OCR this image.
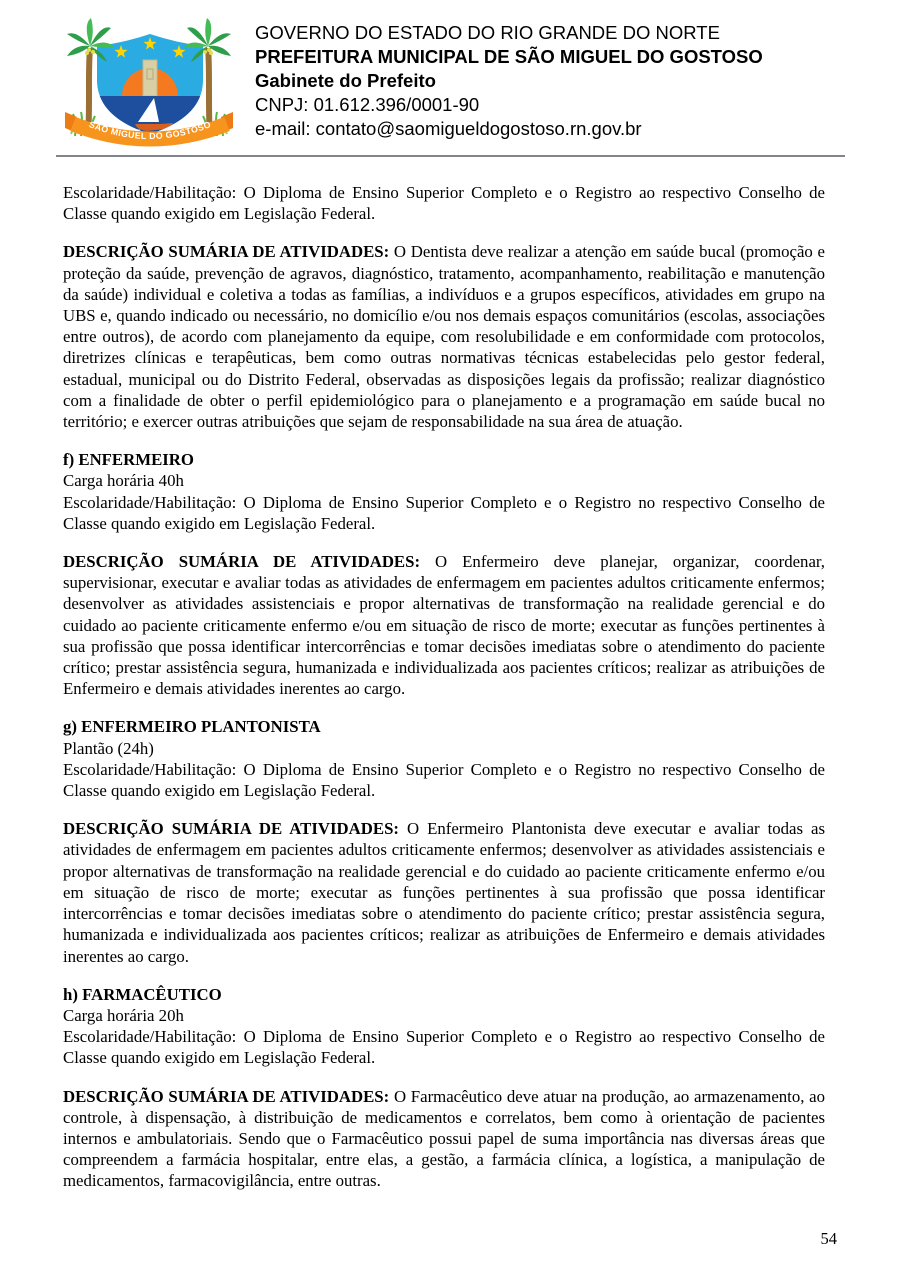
SÃO MIGUEL DO GOSTOSO
GOVERNO DO ESTADO DO RIO GRANDE DO NORTE
PREFEITURA MUNICIPAL DE SÃO MIGUEL DO GOSTOSO
Gabinete do Prefeito
CNPJ: 01.612.396/0001-90
e-mail: contato@saomigueldogostoso.rn.gov.br

Escolaridade/Habilitação: O Diploma de Ensino Superior Completo e o Registro ao respectivo Conselho de Classe quando exigido em Legislação Federal.

DESCRIÇÃO SUMÁRIA DE ATIVIDADES: O Dentista deve realizar a atenção em saúde bucal (promoção e proteção da saúde, prevenção de agravos, diagnóstico, tratamento, acompanhamento, reabilitação e manutenção da saúde) individual e coletiva a todas as famílias, a indivíduos e a grupos específicos, atividades em grupo na UBS e, quando indicado ou necessário, no domicílio e/ou nos demais espaços comunitários (escolas, associações entre outros), de acordo com planejamento da equipe, com resolubilidade e em conformidade com protocolos, diretrizes clínicas e terapêuticas, bem como outras normativas técnicas estabelecidas pelo gestor federal, estadual, municipal ou do Distrito Federal, observadas as disposições legais da profissão; realizar diagnóstico com a finalidade de obter o perfil epidemiológico para o planejamento e a programação em saúde bucal no território; e exercer outras atribuições que sejam de responsabilidade na sua área de atuação.

f) ENFERMEIRO
Carga horária 40h
Escolaridade/Habilitação: O Diploma de Ensino Superior Completo e o Registro no respectivo Conselho de Classe quando exigido em Legislação Federal.

DESCRIÇÃO SUMÁRIA DE ATIVIDADES: O Enfermeiro deve planejar, organizar, coordenar, supervisionar, executar e avaliar todas as atividades de enfermagem em pacientes adultos criticamente enfermos; desenvolver as atividades assistenciais e propor alternativas de transformação na realidade gerencial e do cuidado ao paciente criticamente enfermo e/ou em situação de risco de morte; executar as funções pertinentes à sua profissão que possa identificar intercorrências e tomar decisões imediatas sobre o atendimento do paciente crítico; prestar assistência segura, humanizada e individualizada aos pacientes críticos; realizar as atribuições de Enfermeiro e demais atividades inerentes ao cargo.

g) ENFERMEIRO PLANTONISTA
Plantão (24h)
Escolaridade/Habilitação: O Diploma de Ensino Superior Completo e o Registro no respectivo Conselho de Classe quando exigido em Legislação Federal.

DESCRIÇÃO SUMÁRIA DE ATIVIDADES: O Enfermeiro Plantonista deve executar e avaliar todas as atividades de enfermagem em pacientes adultos criticamente enfermos; desenvolver as atividades assistenciais e propor alternativas de transformação na realidade gerencial e do cuidado ao paciente criticamente enfermo e/ou em situação de risco de morte; executar as funções pertinentes à sua profissão que possa identificar intercorrências e tomar decisões imediatas sobre o atendimento do paciente crítico; prestar assistência segura, humanizada e individualizada aos pacientes críticos; realizar as atribuições de Enfermeiro e demais atividades inerentes ao cargo.

h) FARMACÊUTICO
Carga horária 20h
Escolaridade/Habilitação: O Diploma de Ensino Superior Completo e o Registro ao respectivo Conselho de Classe quando exigido em Legislação Federal.

DESCRIÇÃO SUMÁRIA DE ATIVIDADES: O Farmacêutico deve atuar na produção, ao armazenamento, ao controle, à dispensação, à distribuição de medicamentos e correlatos, bem como à orientação de pacientes internos e ambulatoriais. Sendo que o Farmacêutico possui papel de suma importância nas diversas áreas que compreendem a farmácia hospitalar, entre elas, a gestão, a farmácia clínica, a logística, a manipulação de medicamentos, farmacovigilância, entre outras.

54
